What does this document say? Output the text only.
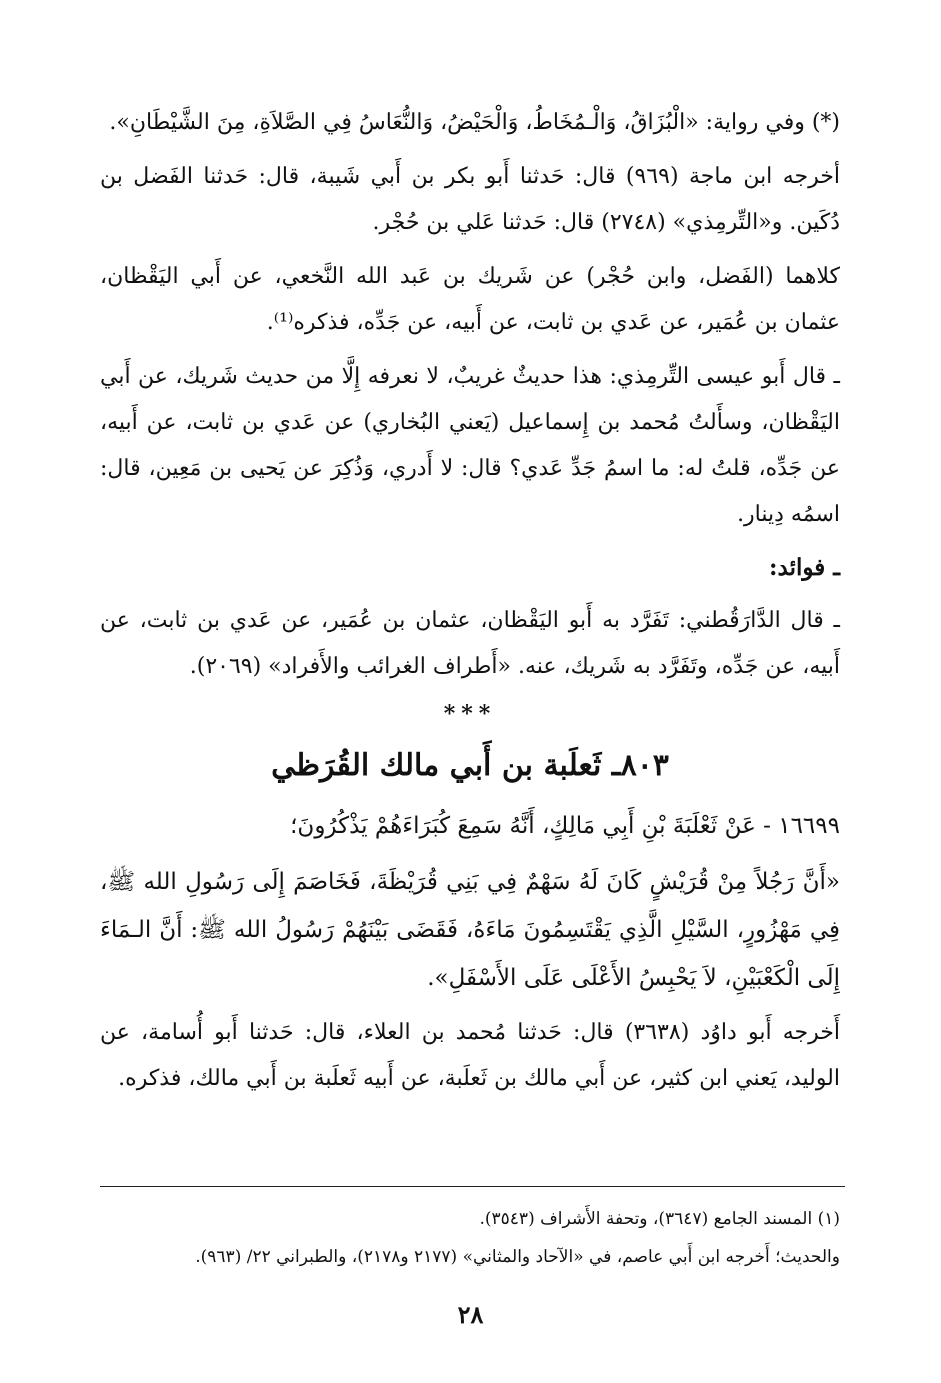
(*) وفي رواية: «الْبُزَاقُ، وَالْـمُخَاطُ، وَالْحَيْضُ، وَالنُّعَاسُ فِي الصَّلاَةِ، مِنَ الشَّيْطَانِ».

أخرجه ابن ماجة (٩٦٩) قال: حَدثنا أَبو بكر بن أَبي شَيبة، قال: حَدثنا الفَضل بن دُكَين. و«التِّرمِذي» (٢٧٤٨) قال: حَدثنا عَلي بن حُجْر.

كلاهما (الفَضل، وابن حُجْر) عن شَريك بن عَبد الله النَّخعي، عن أَبي اليَقْظان، عثمان بن عُمَير، عن عَدي بن ثابت، عن أَبيه، عن جَدِّه، فذكره⁽¹⁾.

ـ قال أَبو عيسى التِّرمِذي: هذا حديثٌ غريبٌ، لا نعرفه إِلَّا من حديث شَريك، عن أَبي اليَقْظان، وسأَلتُ مُحمد بن إِسماعيل (يَعني البُخاري) عن عَدي بن ثابت، عن أَبيه، عن جَدِّه، قلتُ له: ما اسمُ جَدِّ عَدي؟ قال: لا أَدري، وَذُكِرَ عن يَحيى بن مَعِين، قال: اسمُه دِينار.

ـ فوائد:

ـ قال الدَّارَقُطني: تَفَرَّد به أَبو اليَقْظان، عثمان بن عُمَير، عن عَدي بن ثابت، عن أَبيه، عن جَدِّه، وتَفَرَّد به شَريك، عنه. «أَطراف الغرائب والأَفراد» (٢٠٦٩).

***
٨٠٣ـ ثَعلَبة بن أَبي مالك القُرَظي

١٦٦٩٩ - عَنْ ثَعْلَبَةَ بْنِ أَبِي مَالِكٍ، أَنَّهُ سَمِعَ كُبَرَاءَهُمْ يَذْكُرُونَ؛

«أَنَّ رَجُلاً مِنْ قُرَيْشٍ كَانَ لَهُ سَهْمٌ فِي بَنِي قُرَيْظَةَ، فَخَاصَمَ إِلَى رَسُولِ الله ﷺ، فِي مَهْزُورٍ، السَّيْلِ الَّذِي يَقْتَسِمُونَ مَاءَهُ، فَقَضَى بَيْنَهُمْ رَسُولُ الله ﷺ: أَنَّ الـمَاءَ إِلَى الْكَعْبَيْنِ، لاَ يَحْبِسُ الأَعْلَى عَلَى الأَسْفَلِ».

أَخرجه أَبو داوُد (٣٦٣٨) قال: حَدثنا مُحمد بن العلاء، قال: حَدثنا أَبو أُسامة، عن الوليد، يَعني ابن كثير، عن أَبي مالك بن ثَعلَبة، عن أَبيه ثَعلَبة بن أَبي مالك، فذكره.

(١) المسند الجامع (٣٦٤٧)، وتحفة الأَشراف (٣٥٤٣).

والحديث؛ أَخرجه ابن أَبي عاصم، في «الآحاد والمثاني» (٢١٧٧ و٢١٧٨)، والطبراني ٢٢/ (٩٦٣).

٢٨
